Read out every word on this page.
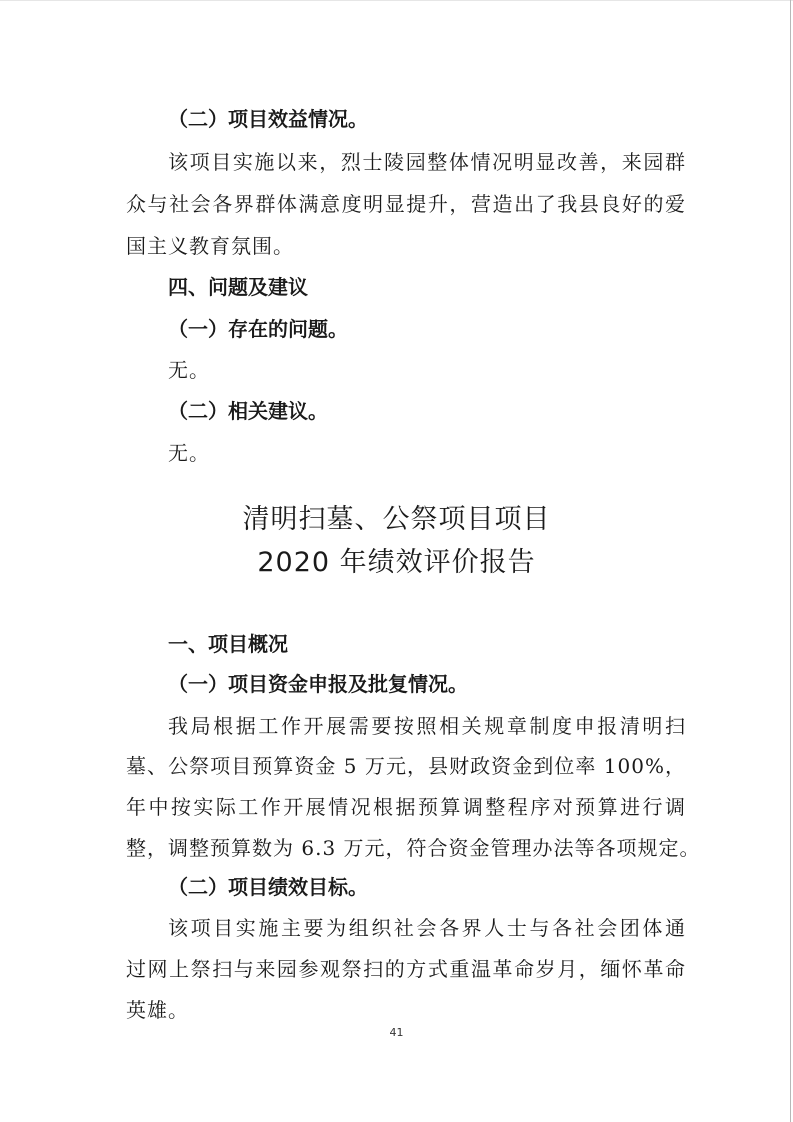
（二）项目效益情况。
该项目实施以来，烈士陵园整体情况明显改善，来园群
众与社会各界群体满意度明显提升，营造出了我县良好的爱
国主义教育氛围。
四、问题及建议
（一）存在的问题。
无。
（二）相关建议。
无。
清明扫墓、公祭项目项目
2020 年绩效评价报告
一、项目概况
（一）项目资金申报及批复情况。
我局根据工作开展需要按照相关规章制度申报清明扫
墓、公祭项目预算资金 5 万元，县财政资金到位率 100%，
年中按实际工作开展情况根据预算调整程序对预算进行调
整，调整预算数为 6.3 万元，符合资金管理办法等各项规定。
（二）项目绩效目标。
该项目实施主要为组织社会各界人士与各社会团体通
过网上祭扫与来园参观祭扫的方式重温革命岁月，缅怀革命
英雄。
41
